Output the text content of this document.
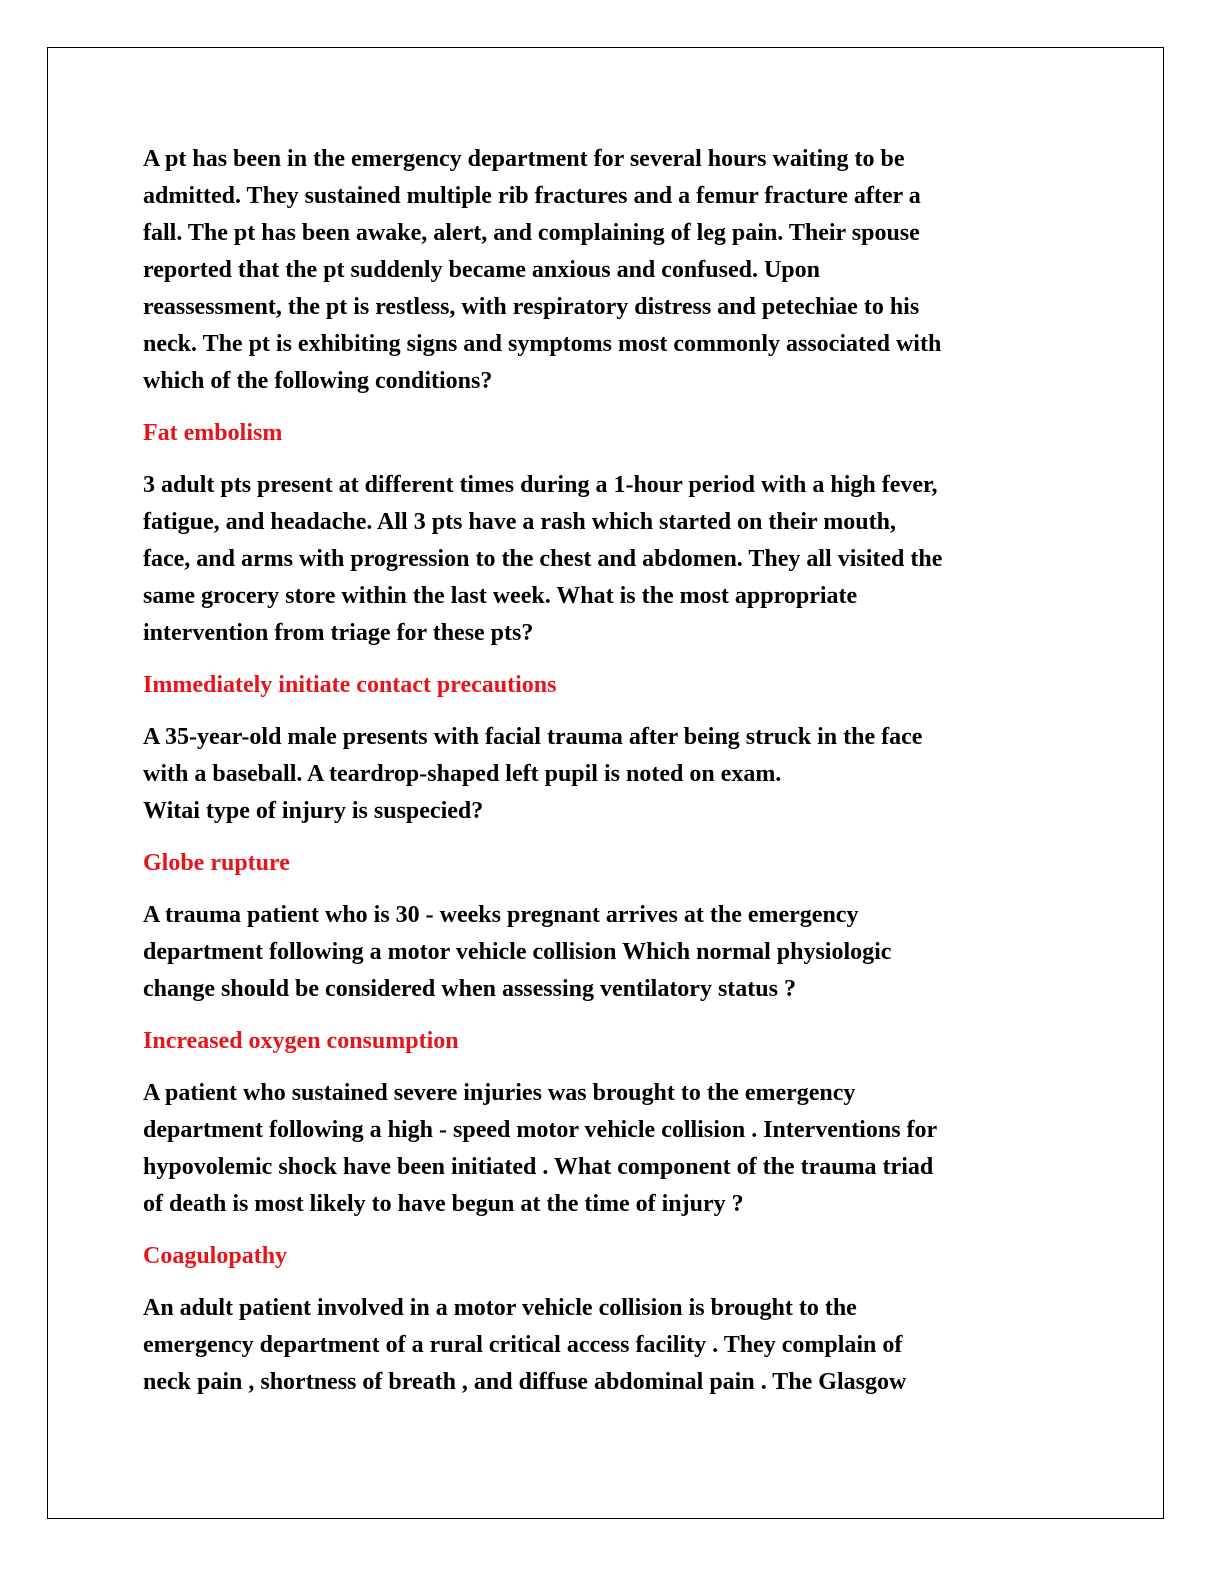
A pt has been in the emergency department for several hours waiting to be
admitted. They sustained multiple rib fractures and a femur fracture after a
fall. The pt has been awake, alert, and complaining of leg pain. Their spouse
reported that the pt suddenly became anxious and confused. Upon
reassessment, the pt is restless, with respiratory distress and petechiae to his
neck. The pt is exhibiting signs and symptoms most commonly associated with
which of the following conditions?
Fat embolism
3 adult pts present at different times during a 1-hour period with a high fever,
fatigue, and headache. All 3 pts have a rash which started on their mouth,
face, and arms with progression to the chest and abdomen. They all visited the
same grocery store within the last week. What is the most appropriate
intervention from triage for these pts?
Immediately initiate contact precautions
A 35-year-old male presents with facial trauma after being struck in the face
with a baseball. A teardrop-shaped left pupil is noted on exam.
Witai type of injury is suspecied?
Globe rupture
A trauma patient who is 30 - weeks pregnant arrives at the emergency
department following a motor vehicle collision Which normal physiologic
change should be considered when assessing ventilatory status ?
Increased oxygen consumption
A patient who sustained severe injuries was brought to the emergency
department following a high - speed motor vehicle collision . Interventions for
hypovolemic shock have been initiated . What component of the trauma triad
of death is most likely to have begun at the time of injury ?
Coagulopathy
An adult patient involved in a motor vehicle collision is brought to the
emergency department of a rural critical access facility . They complain of
neck pain , shortness of breath , and diffuse abdominal pain . The Glasgow
